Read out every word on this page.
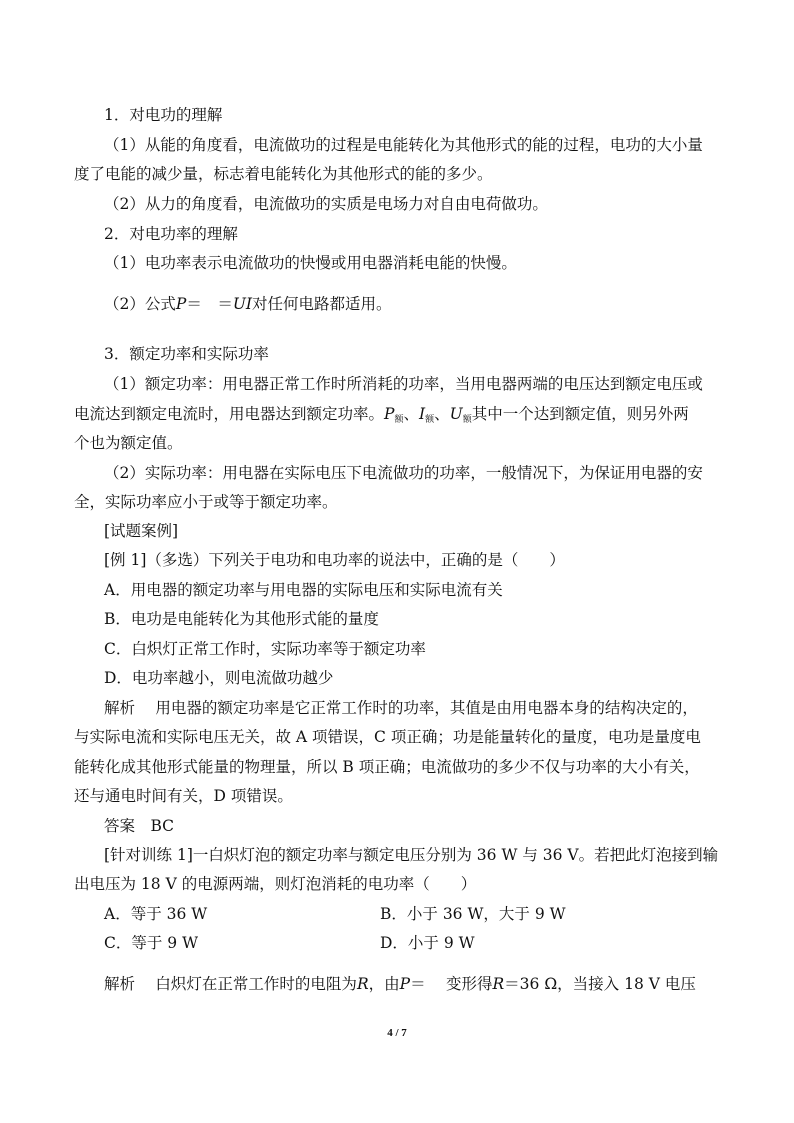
1．对电功的理解
（1）从能的角度看，电流做功的过程是电能转化为其他形式的能的过程，电功的大小量
度了电能的减少量，标志着电能转化为其他形式的能的多少。
（2）从力的角度看，电流做功的实质是电场力对自由电荷做功。
2．对电功率的理解
（1）电功率表示电流做功的快慢或用电器消耗电能的快慢。
（2）公式P＝　＝UI对任何电路都适用。
3．额定功率和实际功率
（1）额定功率：用电器正常工作时所消耗的功率，当用电器两端的电压达到额定电压或
电流达到额定电流时，用电器达到额定功率。$P_额$、$I_额$、$U_额$其中一个达到额定值，则另外两
个也为额定值。
（2）实际功率：用电器在实际电压下电流做功的功率，一般情况下，为保证用电器的安
全，实际功率应小于或等于额定功率。
[试题案例]
[例 1]（多选）下列关于电功和电功率的说法中，正确的是（　　）
A．用电器的额定功率与用电器的实际电压和实际电流有关
B．电功是电能转化为其他形式能的量度
C．白炽灯正常工作时，实际功率等于额定功率
D．电功率越小，则电流做功越少
解析　 用电器的额定功率是它正常工作时的功率，其值是由用电器本身的结构决定的，
与实际电流和实际电压无关，故 A 项错误，C 项正确；功是能量转化的量度，电功是量度电
能转化成其他形式能量的物理量，所以 B 项正确；电流做功的多少不仅与功率的大小有关，
还与通电时间有关，D 项错误。
答案　BC
[针对训练 1]一白炽灯泡的额定功率与额定电压分别为 36 W 与 36 V。若把此灯泡接到输
出电压为 18 V 的电源两端，则灯泡消耗的电功率（　　）
A．等于 36 W	B．小于 36 W，大于 9 W
C．等于 9 W	D．小于 9 W
解析　 白炽灯在正常工作时的电阻为R，由P＝　 变形得R＝36 Ω，当接入 18 V 电压
4 / 7
